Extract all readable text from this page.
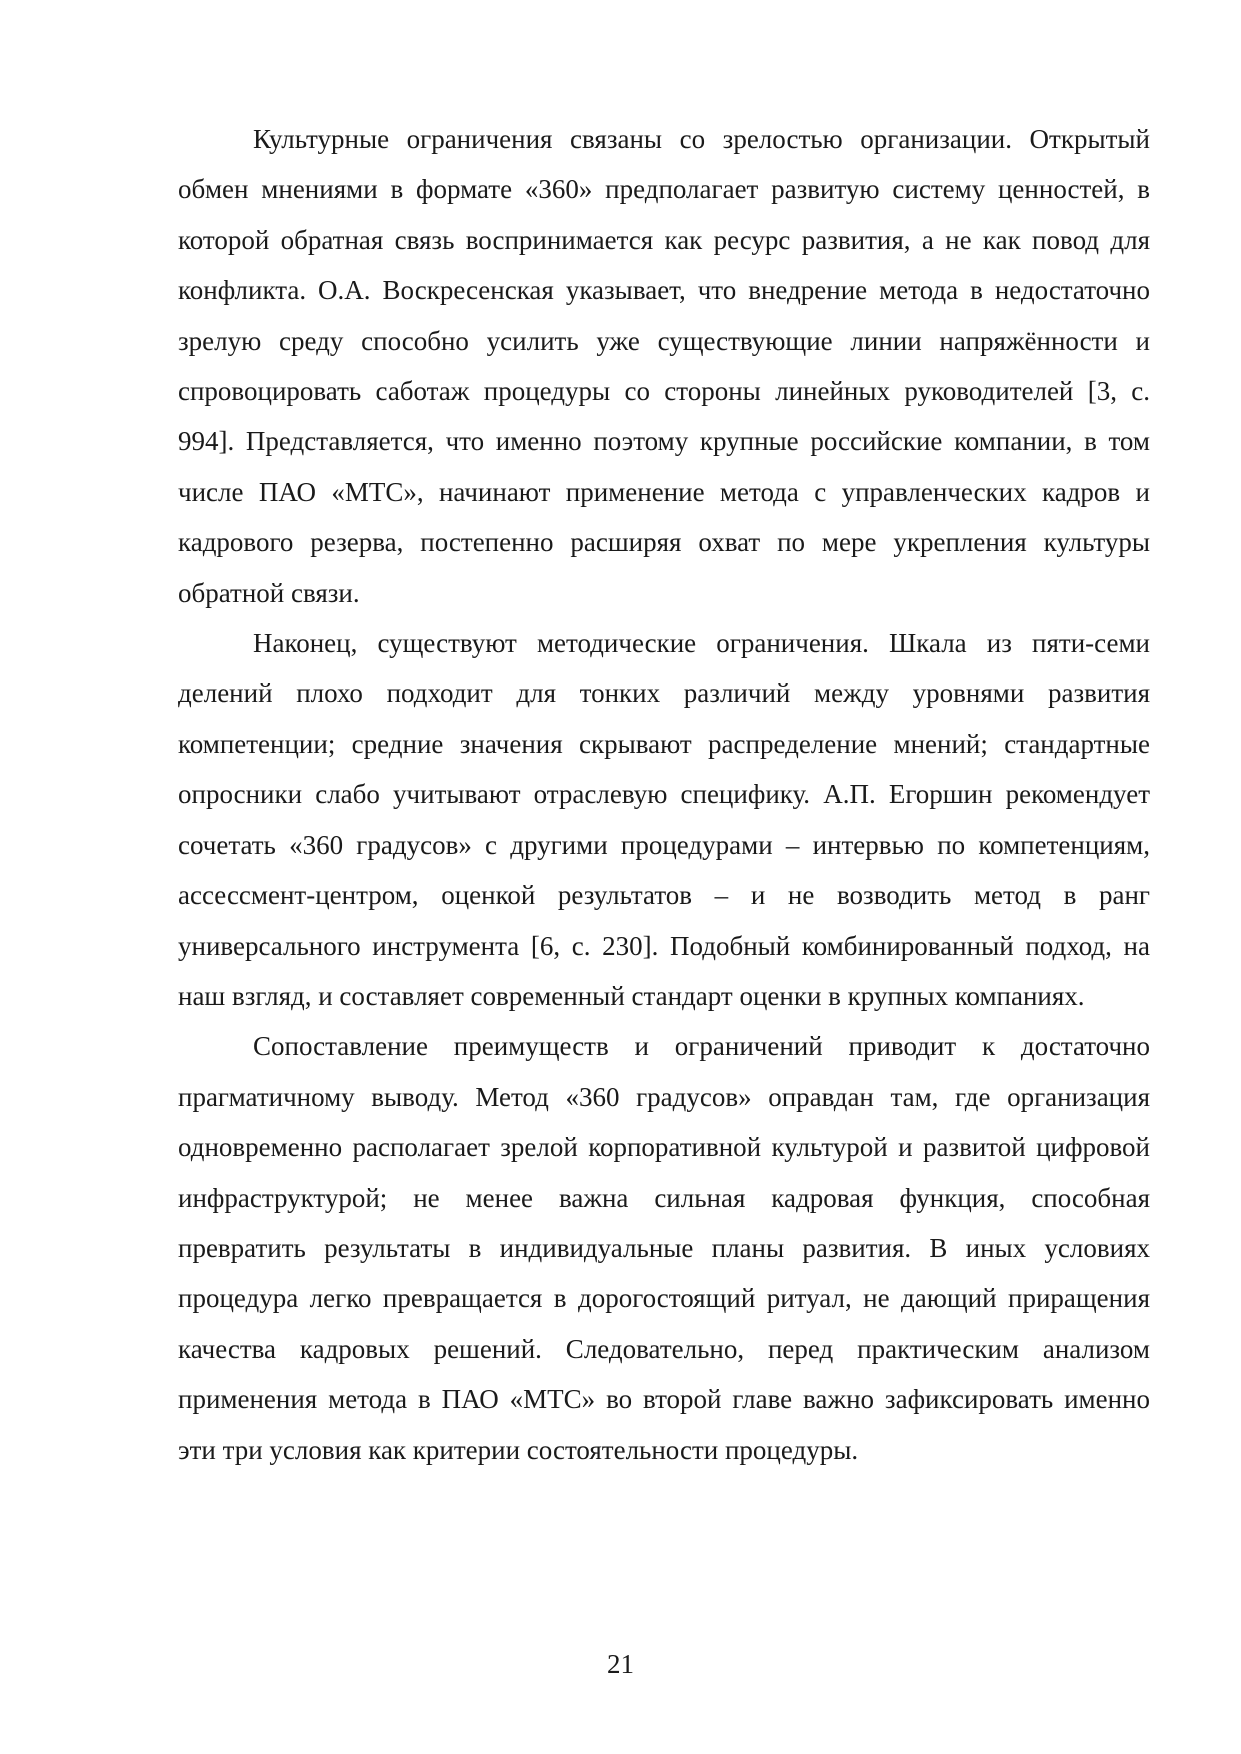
Культурные ограничения связаны со зрелостью организации. Открытый обмен мнениями в формате «360» предполагает развитую систему ценностей, в которой обратная связь воспринимается как ресурс развития, а не как повод для конфликта. О.А. Воскресенская указывает, что внедрение метода в недостаточно зрелую среду способно усилить уже существующие линии напряжённости и спровоцировать саботаж процедуры со стороны линейных руководителей [3, с. 994]. Представляется, что именно поэтому крупные российские компании, в том числе ПАО «МТС», начинают применение метода с управленческих кадров и кадрового резерва, постепенно расширяя охват по мере укрепления культуры обратной связи.

Наконец, существуют методические ограничения. Шкала из пяти-семи делений плохо подходит для тонких различий между уровнями развития компетенции; средние значения скрывают распределение мнений; стандартные опросники слабо учитывают отраслевую специфику. А.П. Егоршин рекомендует сочетать «360 градусов» с другими процедурами – интервью по компетенциям, ассессмент-центром, оценкой результатов – и не возводить метод в ранг универсального инструмента [6, с. 230]. Подобный комбинированный подход, на наш взгляд, и составляет современный стандарт оценки в крупных компаниях.

Сопоставление преимуществ и ограничений приводит к достаточно прагматичному выводу. Метод «360 градусов» оправдан там, где организация одновременно располагает зрелой корпоративной культурой и развитой цифровой инфраструктурой; не менее важна сильная кадровая функция, способная превратить результаты в индивидуальные планы развития. В иных условиях процедура легко превращается в дорогостоящий ритуал, не дающий приращения качества кадровых решений. Следовательно, перед практическим анализом применения метода в ПАО «МТС» во второй главе важно зафиксировать именно эти три условия как критерии состоятельности процедуры.

21
